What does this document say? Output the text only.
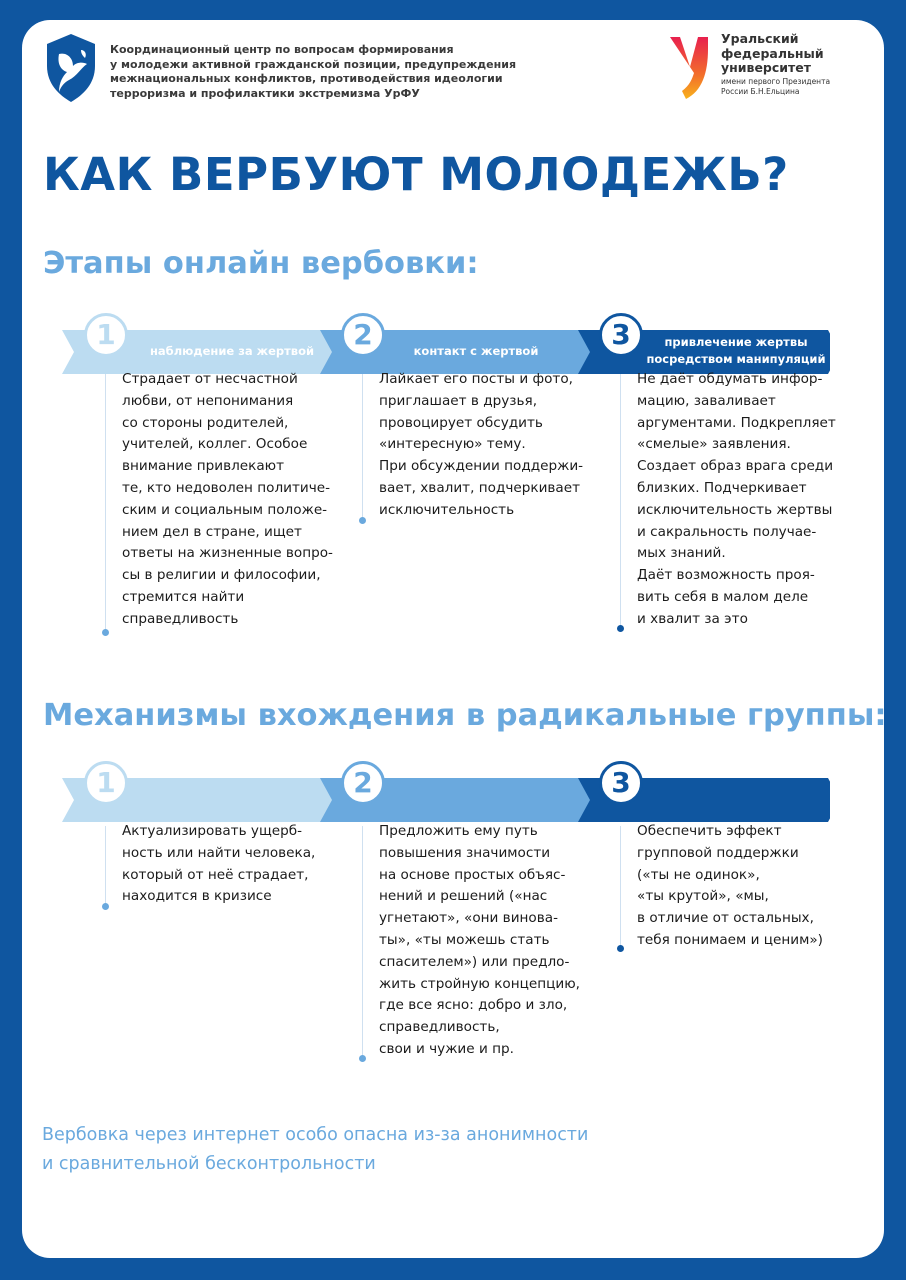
Координационный центр по вопросам формирования
у молодежи активной гражданской позиции, предупреждения
межнациональных конфликтов, противодействия идеологии
терроризма и профилактики экстремизма УрФУ
Уральский
федеральный
университет
имени первого Президента
России Б.Н.Ельцина
КАК ВЕРБУЮТ МОЛОДЕЖЬ?
Этапы онлайн вербовки:
1	2	3
наблюдение за жертвой	контакт с жертвой
привлечение жертвы
посредством манипуляций
Страдает от несчастной
любви, от непонимания
со стороны родителей,
учителей, коллег. Особое
внимание привлекают
те, кто недоволен политиче-
ским и социальным положе-
нием дел в стране, ищет
ответы на жизненные вопро-
сы в религии и философии,
стремится найти
справедливость
Лайкает его посты и фото,
приглашает в друзья,
провоцирует обсудить
«интересную» тему.
При обсуждении поддержи-
вает, хвалит, подчеркивает
исключительность
Не даёт обдумать инфор-
мацию, заваливает
аргументами. Подкрепляет
«смелые» заявления.
Создает образ врага среди
близких. Подчеркивает
исключительность жертвы
и сакральность получае-
мых знаний.
Даёт возможность проя-
вить себя в малом деле
и хвалит за это
Механизмы вхождения в радикальные группы:
1	2	3
Актуализировать ущерб-
ность или найти человека,
который от неё страдает,
находится в кризисе
Предложить ему путь
повышения значимости
на основе простых объяс-
нений и решений («нас
угнетают», «они винова-
ты», «ты можешь стать
спасителем») или предло-
жить стройную концепцию,
где все ясно: добро и зло,
справедливость,
свои и чужие и пр.
Обеспечить эффект
групповой поддержки
(«ты не одинок»,
«ты крутой», «мы,
в отличие от остальных,
тебя понимаем и ценим»)
Вербовка через интернет особо опасна из-за анонимности
и сравнительной бесконтрольности
